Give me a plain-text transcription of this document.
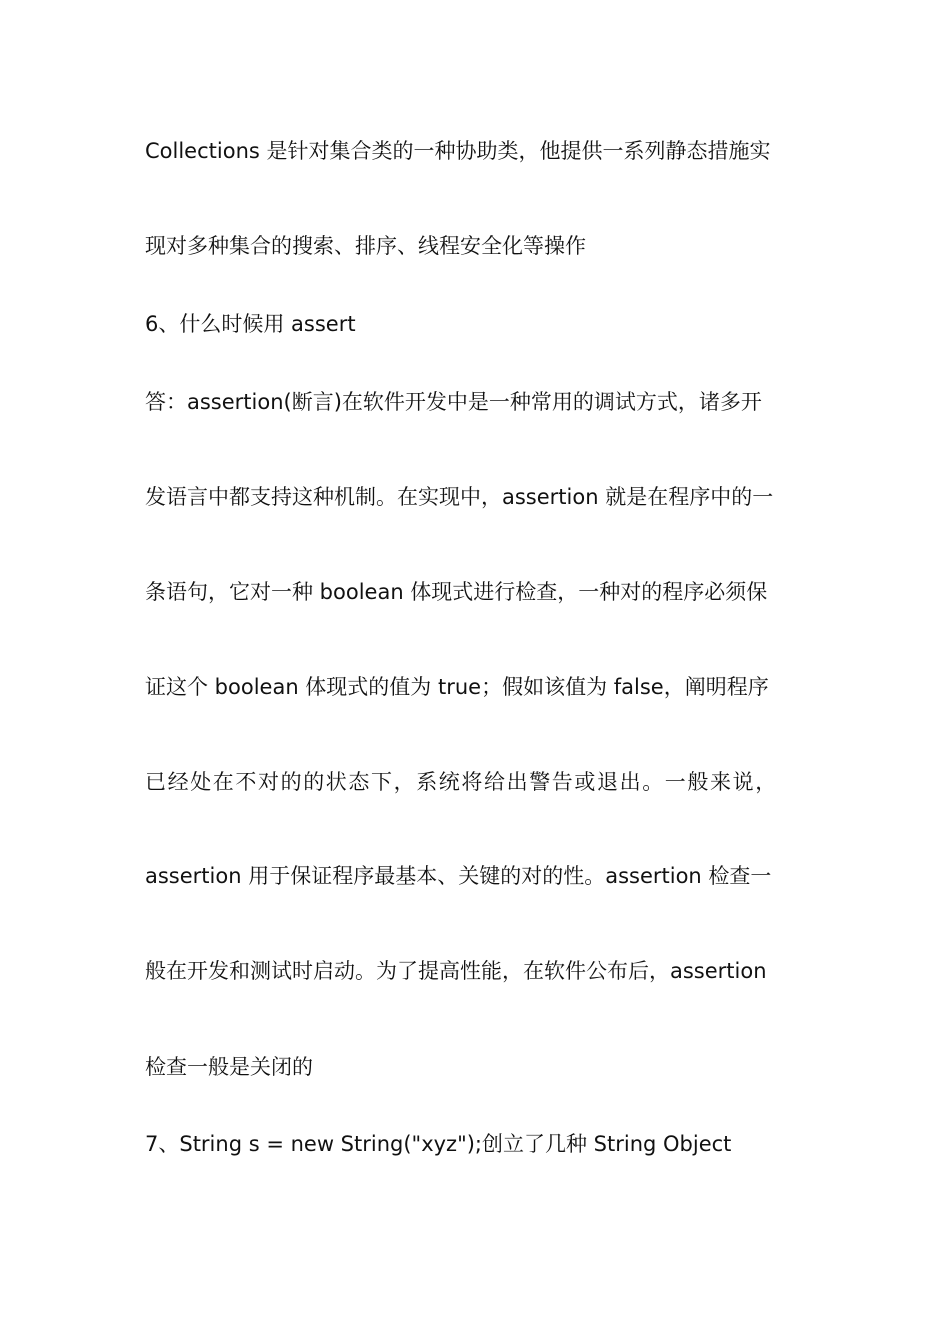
Collections 是针对集合类的一种协助类，他提供一系列静态措施实
现对多种集合的搜索、排序、线程安全化等操作
6、什么时候用 assert
答：assertion(断言)在软件开发中是一种常用的调试方式，诸多开
发语言中都支持这种机制。在实现中，assertion 就是在程序中的一
条语句，它对一种 boolean 体现式进行检查，一种对的程序必须保
证这个 boolean 体现式的值为 true；假如该值为 false，阐明程序
已经处在不对的的状态下，系统将给出警告或退出。一般来说，
assertion 用于保证程序最基本、关键的对的性。assertion 检查一
般在开发和测试时启动。为了提高性能，在软件公布后，assertion
检查一般是关闭的
7、String s = new String("xyz");创立了几种 String Object
